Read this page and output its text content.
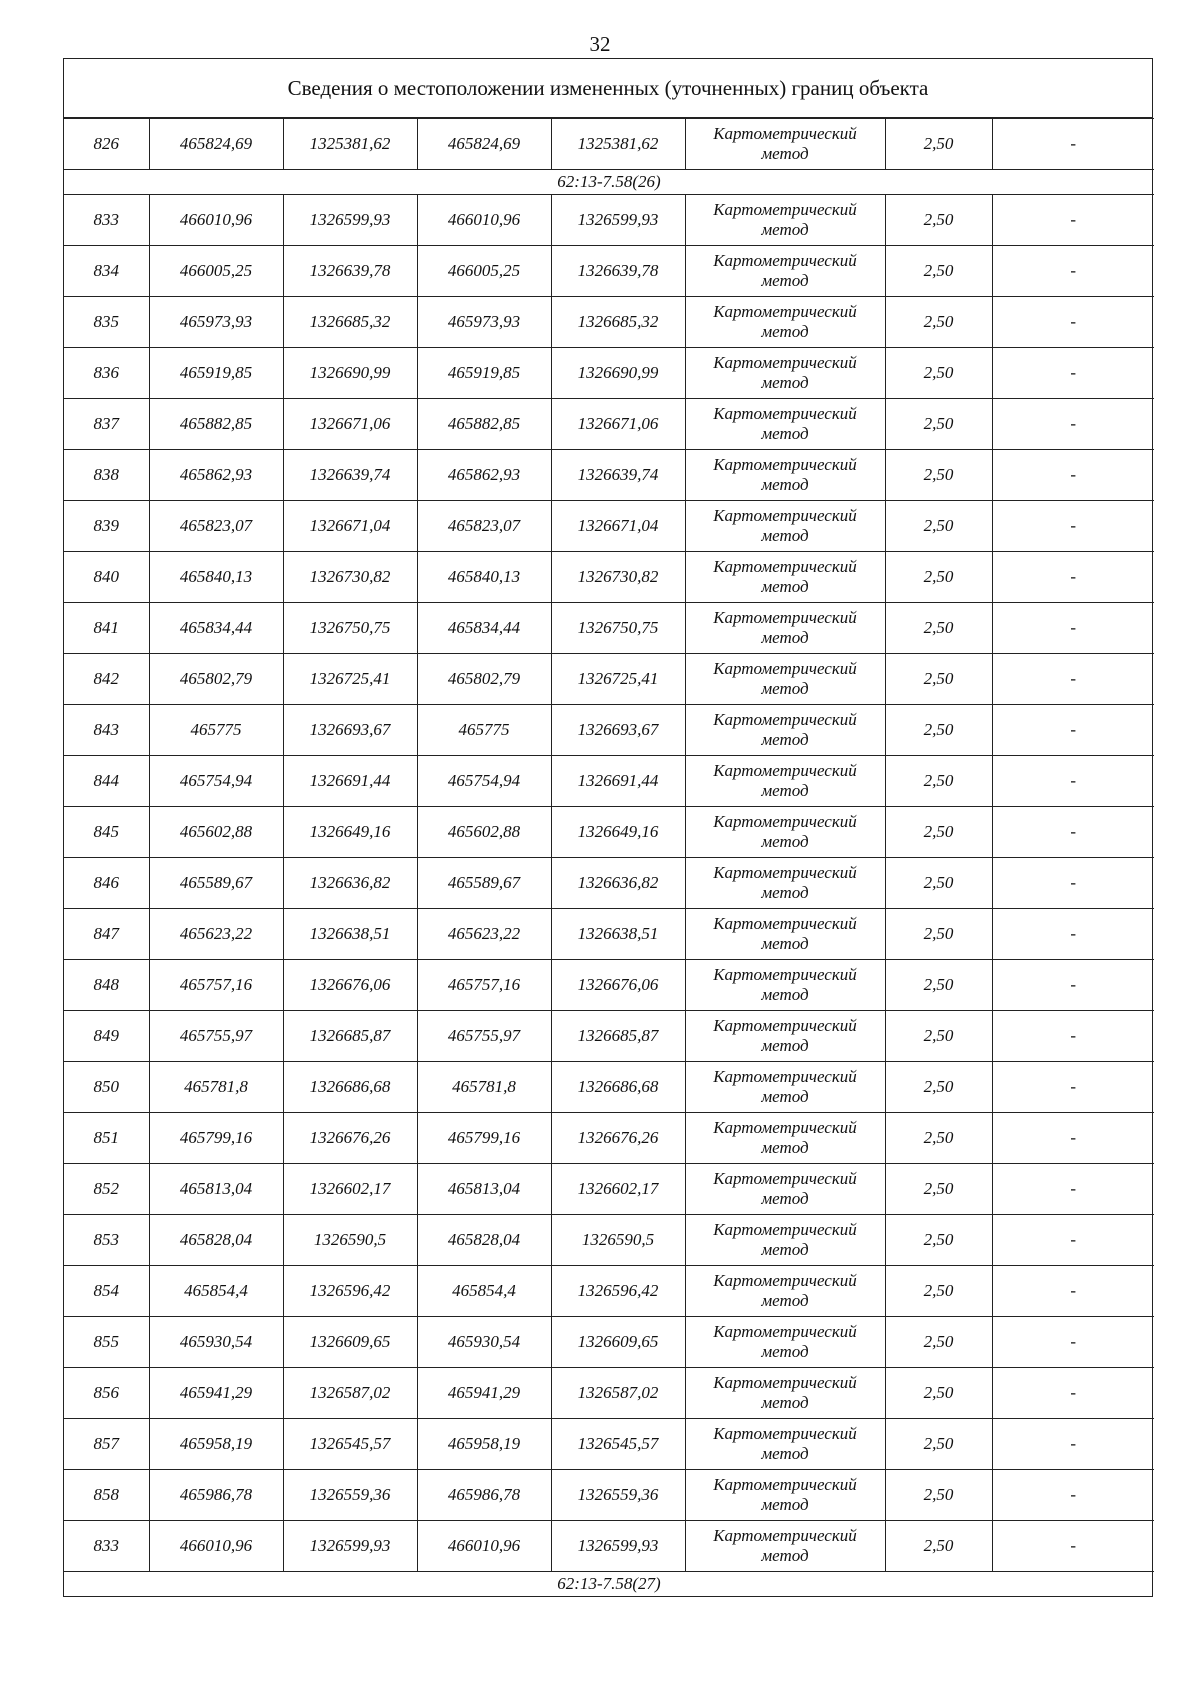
32
Сведения о местоположении измененных (уточненных) границ объекта
826	465824,69	1325381,62	465824,69	1325381,62	Картометрический
метод	2,50	-
62:13-7.58(26)							
833	466010,96	1326599,93	466010,96	1326599,93	Картометрический
метод	2,50	-
834	466005,25	1326639,78	466005,25	1326639,78	Картометрический
метод	2,50	-
835	465973,93	1326685,32	465973,93	1326685,32	Картометрический
метод	2,50	-
836	465919,85	1326690,99	465919,85	1326690,99	Картометрический
метод	2,50	-
837	465882,85	1326671,06	465882,85	1326671,06	Картометрический
метод	2,50	-
838	465862,93	1326639,74	465862,93	1326639,74	Картометрический
метод	2,50	-
839	465823,07	1326671,04	465823,07	1326671,04	Картометрический
метод	2,50	-
840	465840,13	1326730,82	465840,13	1326730,82	Картометрический
метод	2,50	-
841	465834,44	1326750,75	465834,44	1326750,75	Картометрический
метод	2,50	-
842	465802,79	1326725,41	465802,79	1326725,41	Картометрический
метод	2,50	-
843	465775	1326693,67	465775	1326693,67	Картометрический
метод	2,50	-
844	465754,94	1326691,44	465754,94	1326691,44	Картометрический
метод	2,50	-
845	465602,88	1326649,16	465602,88	1326649,16	Картометрический
метод	2,50	-
846	465589,67	1326636,82	465589,67	1326636,82	Картометрический
метод	2,50	-
847	465623,22	1326638,51	465623,22	1326638,51	Картометрический
метод	2,50	-
848	465757,16	1326676,06	465757,16	1326676,06	Картометрический
метод	2,50	-
849	465755,97	1326685,87	465755,97	1326685,87	Картометрический
метод	2,50	-
850	465781,8	1326686,68	465781,8	1326686,68	Картометрический
метод	2,50	-
851	465799,16	1326676,26	465799,16	1326676,26	Картометрический
метод	2,50	-
852	465813,04	1326602,17	465813,04	1326602,17	Картометрический
метод	2,50	-
853	465828,04	1326590,5	465828,04	1326590,5	Картометрический
метод	2,50	-
854	465854,4	1326596,42	465854,4	1326596,42	Картометрический
метод	2,50	-
855	465930,54	1326609,65	465930,54	1326609,65	Картометрический
метод	2,50	-
856	465941,29	1326587,02	465941,29	1326587,02	Картометрический
метод	2,50	-
857	465958,19	1326545,57	465958,19	1326545,57	Картометрический
метод	2,50	-
858	465986,78	1326559,36	465986,78	1326559,36	Картометрический
метод	2,50	-
833	466010,96	1326599,93	466010,96	1326599,93	Картометрический
метод	2,50	-
62:13-7.58(27)							
